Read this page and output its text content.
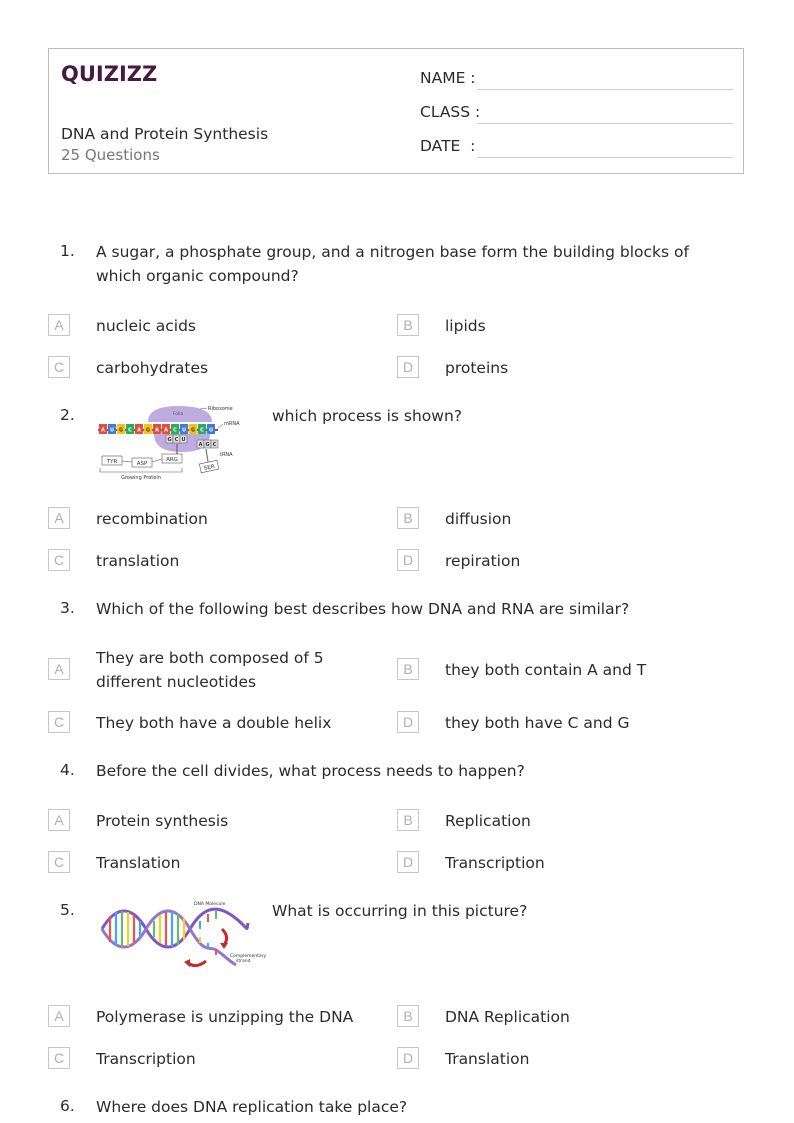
QUIZIZZ
DNA and Protein Synthesis
25 Questions
NAME :
CLASS :
DATE  :
1. A sugar, a phosphate group, and a nitrogen base form the building blocks of which organic compound?
A	nucleic acids	B	lipids
C	carbohydrates	D	proteins
2.
A U G C A G A A C U G C U
Folla
G C U
A G C
ARG
ASP
TYR
SER
Growing Protein
Ribosome
mRNA
tRNA
which process is shown?
A	recombination	B	diffusion
C	translation	D	repiration
3. Which of the following best describes how DNA and RNA are similar?
A
They are both composed of 5 different nucleotides
B	they both contain A and T
C	They both have a double helix	D	they both have C and G
4. Before the cell divides, what process needs to happen?
A	Protein synthesis	B	Replication
C	Translation	D	Transcription
5.	DNA Molecule
Complementary
strand
What is occurring in this picture?
A	Polymerase is unzipping the DNA	B	DNA Replication
C	Transcription	D	Translation
6. Where does DNA replication take place?
